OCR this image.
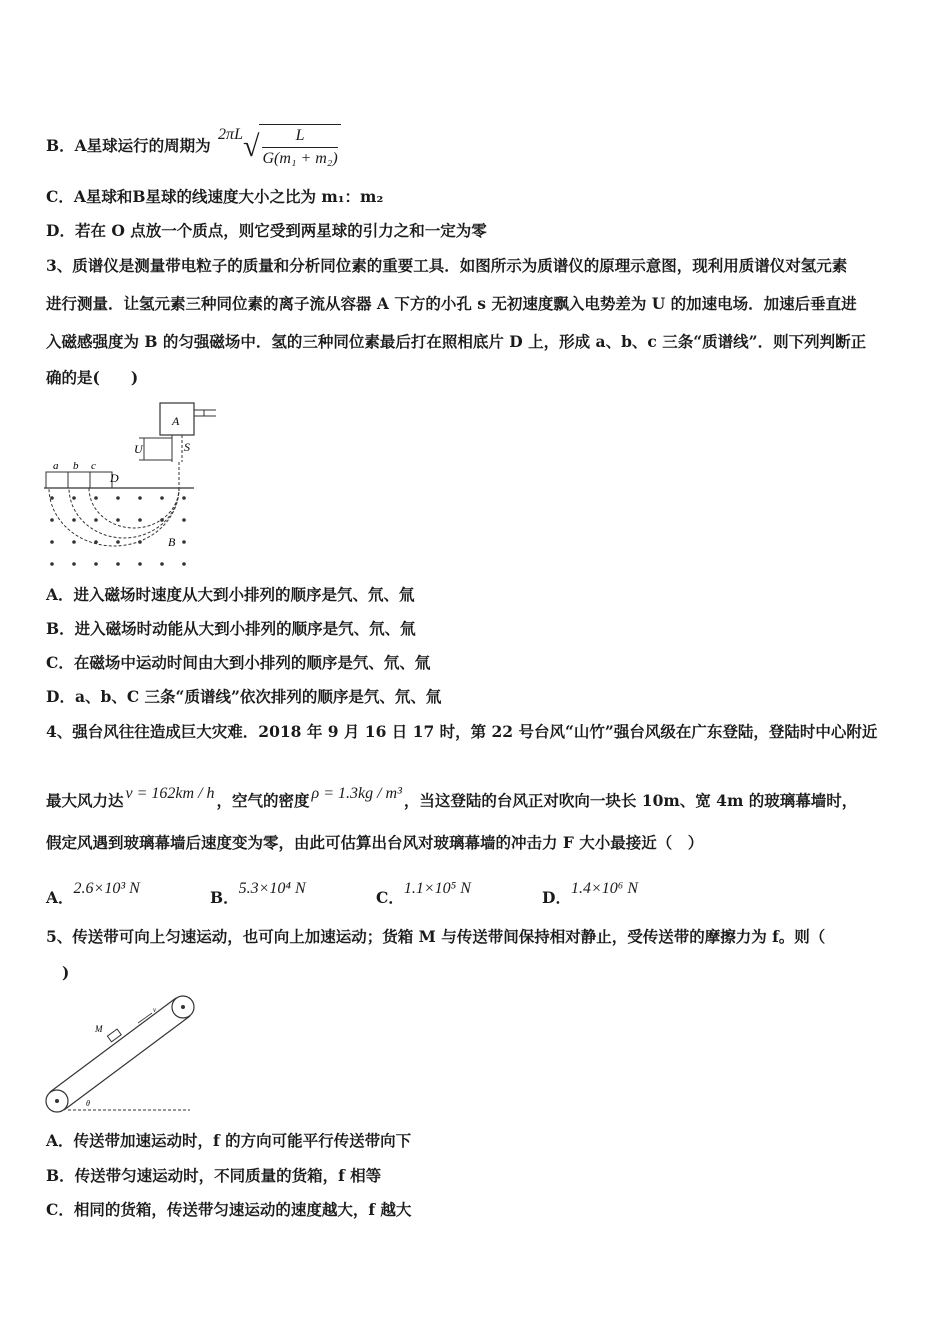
B．A星球运行的周期为 $2\pi L√ \frac{L}{\text{G(m₁ + m₂)}}$
C．A星球和B星球的线速度大小之比为 m₁：m₂
D．若在 O 点放一个质点，则它受到两星球的引力之和一定为零
3、质谱仪是测量带电粒子的质量和分析同位素的重要工具．如图所示为质谱仪的原理示意图，现利用质谱仪对氢元素
进行测量．让氢元素三种同位素的离子流从容器 A 下方的小孔 s 无初速度飘入电势差为 U 的加速电场．加速后垂直进
入磁感强度为 B 的匀强磁场中．氢的三种同位素最后打在照相底片 D 上，形成 a、b、c 三条“质谱线”．则下列判断正
确的是(　　)
A
U	S
a b c
D
B
A．进入磁场时速度从大到小排列的顺序是氕、氘、氚
B．进入磁场时动能从大到小排列的顺序是氕、氘、氚
C．在磁场中运动时间由大到小排列的顺序是氕、氘、氚
D．a、b、C 三条“质谱线”依次排列的顺序是氕、氘、氚
4、强台风往往造成巨大灾难．2018 年 9 月 16 日 17 时，第 22 号台风“山竹”强台风级在广东登陆，登陆时中心附近
最大风力达 v = 162km / h ，空气的密度 ρ = 1.3kg / m³ ，当这登陆的台风正对吹向一块长 10m、宽 4m 的玻璃幕墙时，
假定风遇到玻璃幕墙后速度变为零，由此可估算出台风对玻璃幕墙的冲击力 F 大小最接近（　）
A．2.6×10³ N	B．5.3×10⁴ N	C．1.1×10⁵ N	D．1.4×10⁶ N
5、传送带可向上匀速运动，也可向上加速运动；货箱 M 与传送带间保持相对静止，受传送带的摩擦力为 f。则（
)
M
v
θ
A．传送带加速运动时，f 的方向可能平行传送带向下
B．传送带匀速运动时，不同质量的货箱，f 相等
C．相同的货箱，传送带匀速运动的速度越大，f 越大
